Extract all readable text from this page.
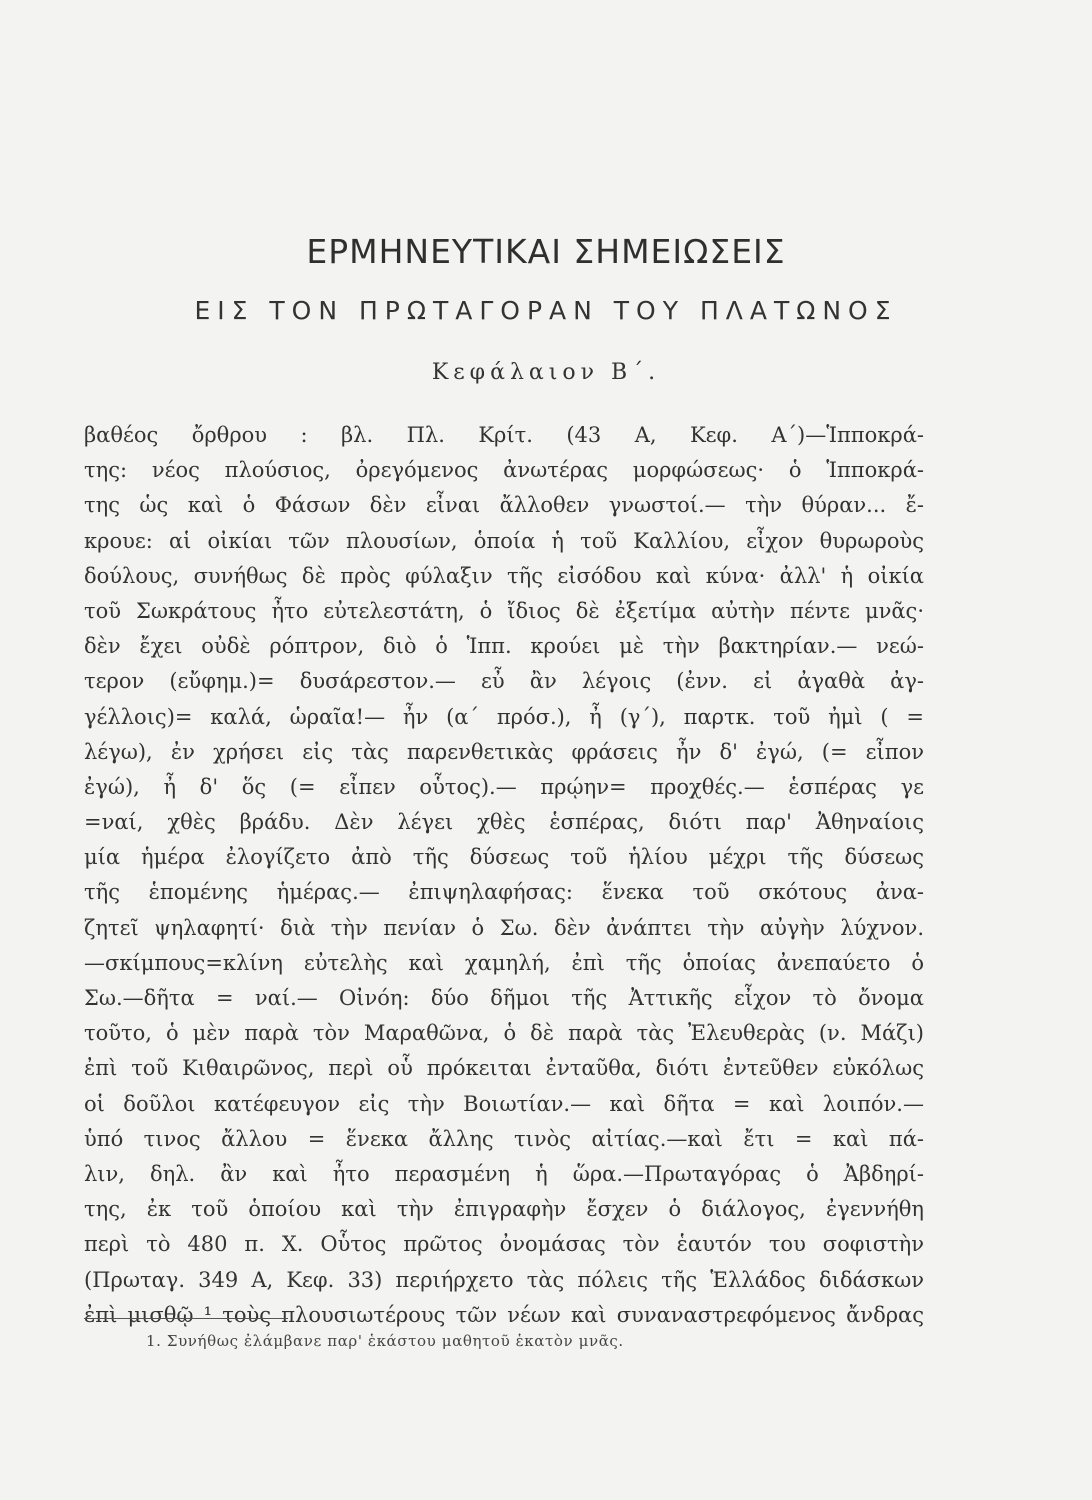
ΕΡΜΗΝΕΥΤΙΚΑΙ ΣΗΜΕΙΩΣΕΙΣ
ΕΙΣ ΤΟΝ ΠΡΩΤΑΓΟΡΑΝ ΤΟΥ ΠΛΑΤΩΝΟΣ
Κεφάλαιον Β΄.
βαθέος ὄρθρου : βλ. Πλ. Κρίτ. (43 Α, Κεφ. Α΄)—Ἱπποκρά-
της: νέος πλούσιος, ὀρεγόμενος ἀνωτέρας μορφώσεως· ὁ Ἱπποκρά-
της ὡς καὶ ὁ Φάσων δὲν εἶναι ἄλλοθεν γνωστοί.— τὴν θύραν... ἔ-
κρουε: αἱ οἰκίαι τῶν πλουσίων, ὁποία ἡ τοῦ Καλλίου, εἶχον θυρωροὺς
δούλους, συνήθως δὲ πρὸς φύλαξιν τῆς εἰσόδου καὶ κύνα· ἀλλ' ἡ οἰκία
τοῦ Σωκράτους ἦτο εὐτελεστάτη, ὁ ἴδιος δὲ ἐξετίμα αὐτὴν πέντε μνᾶς·
δὲν ἔχει οὐδὲ ρόπτρον, διὸ ὁ Ἱππ. κρούει μὲ τὴν βακτηρίαν.— νεώ-
τερον (εὔφημ.)= δυσάρεστον.— εὖ ἂν λέγοις (ἐνν. εἰ ἀγαθὰ ἀγ-
γέλλοις)= καλά, ὡραῖα!— ἦν (α΄ πρόσ.), ἦ (γ΄), παρτκ. τοῦ ἠμὶ ( =
λέγω), ἐν χρήσει εἰς τὰς παρενθετικὰς φράσεις ἦν δ' ἐγώ, (= εἶπον
ἐγώ), ἦ δ' ὅς (= εἶπεν οὗτος).— πρῴην= προχθές.— ἑσπέρας γε
=ναί, χθὲς βράδυ. Δὲν λέγει χθὲς ἑσπέρας, διότι παρ' Ἀθηναίοις
μία ἡμέρα ἐλογίζετο ἀπὸ τῆς δύσεως τοῦ ἡλίου μέχρι τῆς δύσεως
τῆς ἑπομένης ἡμέρας.— ἐπιψηλαφήσας: ἕνεκα τοῦ σκότους ἀνα-
ζητεῖ ψηλαφητί· διὰ τὴν πενίαν ὁ Σω. δὲν ἀνάπτει τὴν αὐγὴν λύχνον.
—σκίμπους=κλίνη εὐτελὴς καὶ χαμηλή, ἐπὶ τῆς ὁποίας ἀνεπαύετο ὁ
Σω.—δῆτα = ναί.— Οἰνόη: δύο δῆμοι τῆς Ἀττικῆς εἶχον τὸ ὄνομα
τοῦτο, ὁ μὲν παρὰ τὸν Μαραθῶνα, ὁ δὲ παρὰ τὰς Ἐλευθερὰς (ν. Μάζι)
ἐπὶ τοῦ Κιθαιρῶνος, περὶ οὗ πρόκειται ἐνταῦθα, διότι ἐντεῦθεν εὐκόλως
οἱ δοῦλοι κατέφευγον εἰς τὴν Βοιωτίαν.— καὶ δῆτα = καὶ λοιπόν.—
ὑπό τινος ἄλλου = ἕνεκα ἄλλης τινὸς αἰτίας.—καὶ ἔτι = καὶ πά-
λιν, δηλ. ἂν καὶ ἦτο περασμένη ἡ ὥρα.—Πρωταγόρας ὁ Ἀβδηρί-
της, ἐκ τοῦ ὁποίου καὶ τὴν ἐπιγραφὴν ἔσχεν ὁ διάλογος, ἐγεννήθη
περὶ τὸ 480 π. Χ. Οὗτος πρῶτος ὀνομάσας τὸν ἑαυτόν του σοφιστὴν
(Πρωταγ. 349 Α, Κεφ. 33) περιήρχετο τὰς πόλεις τῆς Ἑλλάδος διδάσκων
ἐπὶ μισθῷ ¹ τοὺς πλουσιωτέρους τῶν νέων καὶ συναναστρεφόμενος ἄνδρας
1. Συνήθως ἐλάμβανε παρ' ἑκάστου μαθητοῦ ἑκατὸν μνᾶς.
